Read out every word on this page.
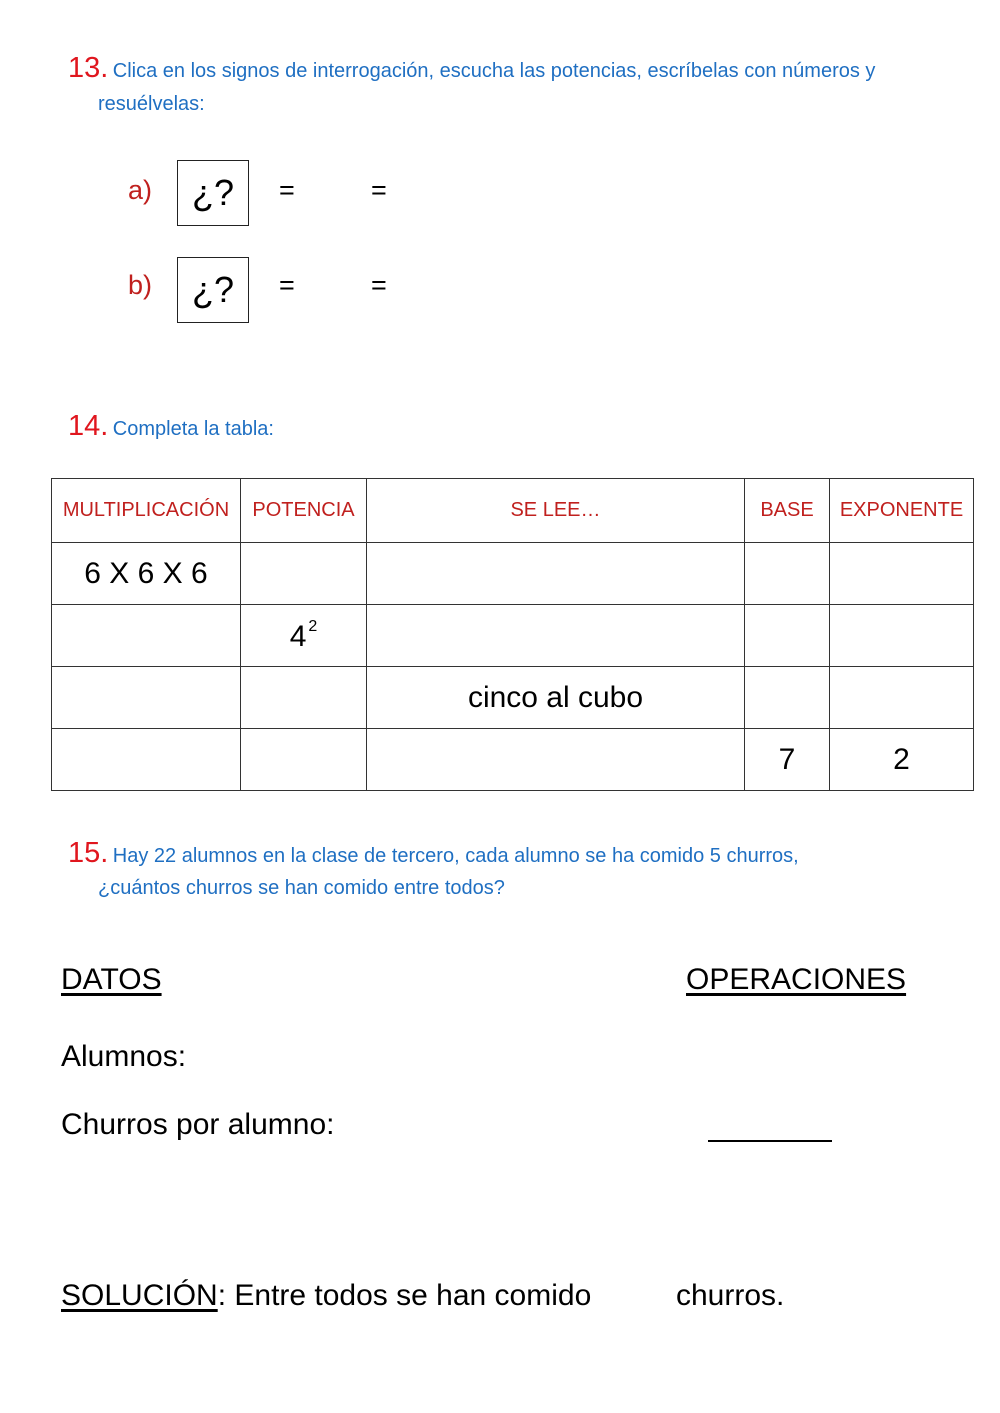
13. Clica en los signos de interrogación, escucha las potencias, escríbelas con números y
resuélvelas:
a)	¿?	=	=
b)	¿?	=	=
14. Completa la tabla:
MULTIPLICACIÓN	POTENCIA	SE LEE…	BASE	EXPONENTE
6 X 6 X 6				
	4 $^2$			
		cinco al cubo		
			7	2
15. Hay 22 alumnos en la clase de tercero, cada alumno se ha comido 5 churros,
¿cuántos churros se han comido entre todos?
DATOS	OPERACIONES
Alumnos:
Churros por alumno:
SOLUCIÓN: Entre todos se han comido	churros.
